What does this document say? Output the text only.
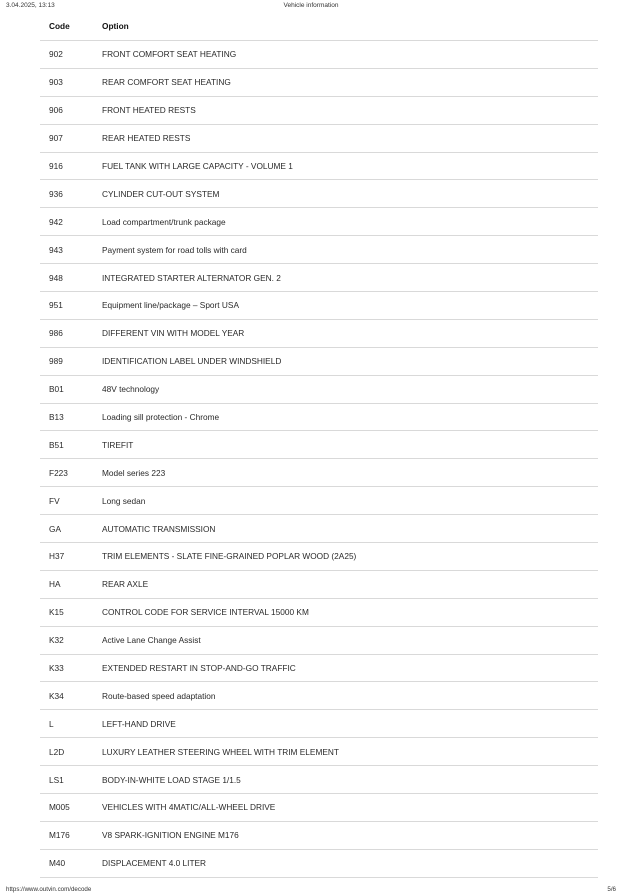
3.04.2025, 13:13	Vehicle information
Code	Option
902	FRONT COMFORT SEAT HEATING
903	REAR COMFORT SEAT HEATING
906	FRONT HEATED RESTS
907	REAR HEATED RESTS
916	FUEL TANK WITH LARGE CAPACITY - VOLUME 1
936	CYLINDER CUT-OUT SYSTEM
942	Load compartment/trunk package
943	Payment system for road tolls with card
948	INTEGRATED STARTER ALTERNATOR GEN. 2
951	Equipment line/package – Sport USA
986	DIFFERENT VIN WITH MODEL YEAR
989	IDENTIFICATION LABEL UNDER WINDSHIELD
B01	48V technology
B13	Loading sill protection - Chrome
B51	TIREFIT
F223	Model series 223
FV	Long sedan
GA	AUTOMATIC TRANSMISSION
H37	TRIM ELEMENTS - SLATE FINE-GRAINED POPLAR WOOD (2A25)
HA	REAR AXLE
K15	CONTROL CODE FOR SERVICE INTERVAL 15000 KM
K32	Active Lane Change Assist
K33	EXTENDED RESTART IN STOP-AND-GO TRAFFIC
K34	Route-based speed adaptation
L	LEFT-HAND DRIVE
L2D	LUXURY LEATHER STEERING WHEEL WITH TRIM ELEMENT
LS1	BODY-IN-WHITE LOAD STAGE 1/1.5
M005	VEHICLES WITH 4MATIC/ALL-WHEEL DRIVE
M176	V8 SPARK-IGNITION ENGINE M176
M40	DISPLACEMENT 4.0 LITER
https://www.outvin.com/decode	5/6
